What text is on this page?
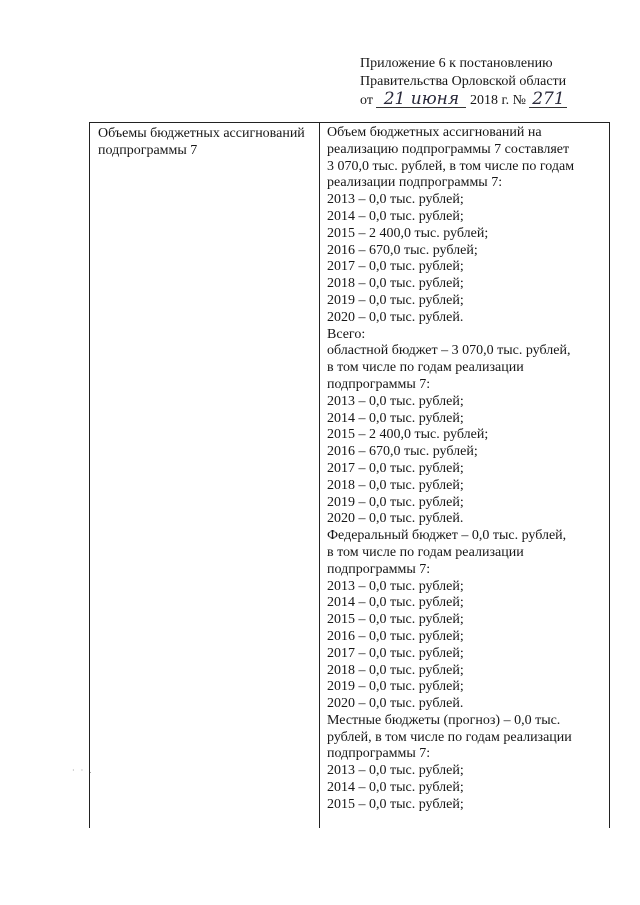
Приложение 6 к постановлению
Правительства Орловской области
от 21 июня 2018 г. № 271
Объемы бюджетных ассигнований подпрограммы 7

Объем бюджетных ассигнований на

реализацию подпрограммы 7 составляет

3 070,0 тыс. рублей, в том числе по годам

реализации подпрограммы 7:

2013 – 0,0 тыс. рублей;

2014 – 0,0 тыс. рублей;

2015 – 2 400,0 тыс. рублей;

2016 – 670,0 тыс. рублей;

2017 – 0,0 тыс. рублей;

2018 – 0,0 тыс. рублей;

2019 – 0,0 тыс. рублей;

2020 – 0,0 тыс. рублей.

Всего:

областной бюджет – 3 070,0 тыс. рублей,

в том числе по годам реализации

подпрограммы 7:

2013 – 0,0 тыс. рублей;

2014 – 0,0 тыс. рублей;

2015 – 2 400,0 тыс. рублей;

2016 – 670,0 тыс. рублей;

2017 – 0,0 тыс. рублей;

2018 – 0,0 тыс. рублей;

2019 – 0,0 тыс. рублей;

2020 – 0,0 тыс. рублей.

Федеральный бюджет – 0,0 тыс. рублей,

в том числе по годам реализации

подпрограммы 7:

2013 – 0,0 тыс. рублей;

2014 – 0,0 тыс. рублей;

2015 – 0,0 тыс. рублей;

2016 – 0,0 тыс. рублей;

2017 – 0,0 тыс. рублей;

2018 – 0,0 тыс. рублей;

2019 – 0,0 тыс. рублей;

2020 – 0,0 тыс. рублей.

Местные бюджеты (прогноз) – 0,0 тыс.

рублей, в том числе по годам реализации

подпрограммы 7:

2013 – 0,0 тыс. рублей;

2014 – 0,0 тыс. рублей;

2015 – 0,0 тыс. рублей;

· · .
